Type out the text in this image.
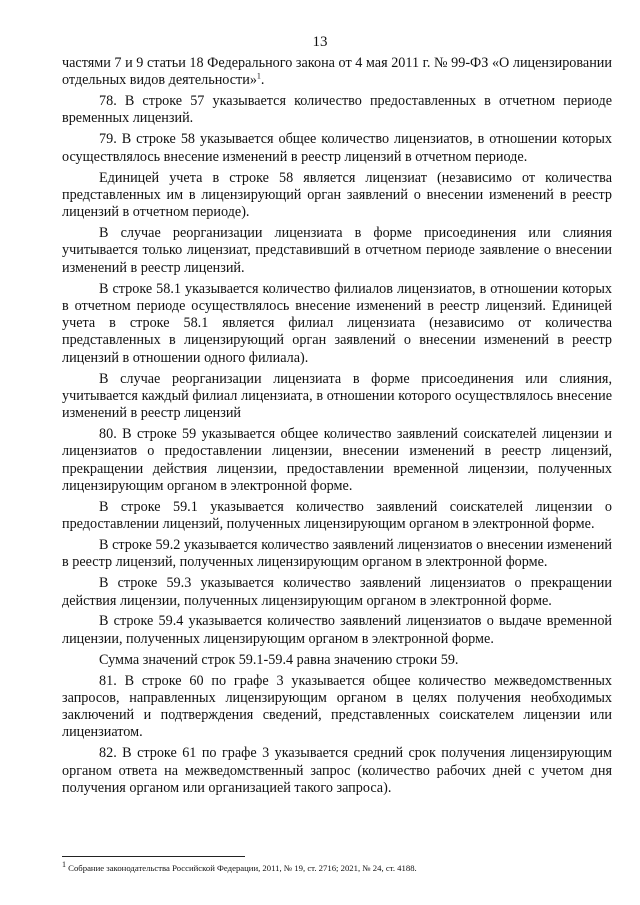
13

частями 7 и 9 статьи 18 Федерального закона от 4 мая 2011 г. № 99-ФЗ «О лицензировании отдельных видов деятельности»$^1$.

78. В строке 57 указывается количество предоставленных в отчетном периоде временных лицензий.

79. В строке 58 указывается общее количество лицензиатов, в отношении которых осуществлялось внесение изменений в реестр лицензий в отчетном периоде.

Единицей учета в строке 58 является лицензиат (независимо от количества представленных им в лицензирующий орган заявлений о внесении изменений в реестр лицензий в отчетном периоде).

В случае реорганизации лицензиата в форме присоединения или слияния учитывается только лицензиат, представивший в отчетном периоде заявление о внесении изменений в реестр лицензий.

В строке 58.1 указывается количество филиалов лицензиатов, в отношении которых в отчетном периоде осуществлялось внесение изменений в реестр лицензий. Единицей учета в строке 58.1 является филиал лицензиата (независимо от количества представленных в лицензирующий орган заявлений о внесении изменений в реестр лицензий в отношении одного филиала).

В случае реорганизации лицензиата в форме присоединения или слияния, учитывается каждый филиал лицензиата, в отношении которого осуществлялось внесение изменений в реестр лицензий

80. В строке 59 указывается общее количество заявлений соискателей лицензии и лицензиатов о предоставлении лицензии, внесении изменений в реестр лицензий, прекращении действия лицензии, предоставлении временной лицензии, полученных лицензирующим органом в электронной форме.

В строке 59.1 указывается количество заявлений соискателей лицензии о предоставлении лицензий, полученных лицензирующим органом в электронной форме.

В строке 59.2 указывается количество заявлений лицензиатов о внесении изменений в реестр лицензий, полученных лицензирующим органом в электронной форме.

В строке 59.3 указывается количество заявлений лицензиатов о прекращении действия лицензии, полученных лицензирующим органом в электронной форме.

В строке 59.4 указывается количество заявлений лицензиатов о выдаче временной лицензии, полученных лицензирующим органом в электронной форме.

Сумма значений строк 59.1-59.4 равна значению строки 59.

81. В строке 60 по графе 3 указывается общее количество межведомственных запросов, направленных лицензирующим органом в целях получения необходимых заключений и подтверждения сведений, представленных соискателем лицензии или лицензиатом.

82. В строке 61 по графе 3 указывается средний срок получения лицензирующим органом ответа на межведомственный запрос (количество рабочих дней с учетом дня получения органом или организацией такого запроса).

$^1$ Собрание законодательства Российской Федерации, 2011, № 19, ст. 2716; 2021, № 24, ст. 4188.
